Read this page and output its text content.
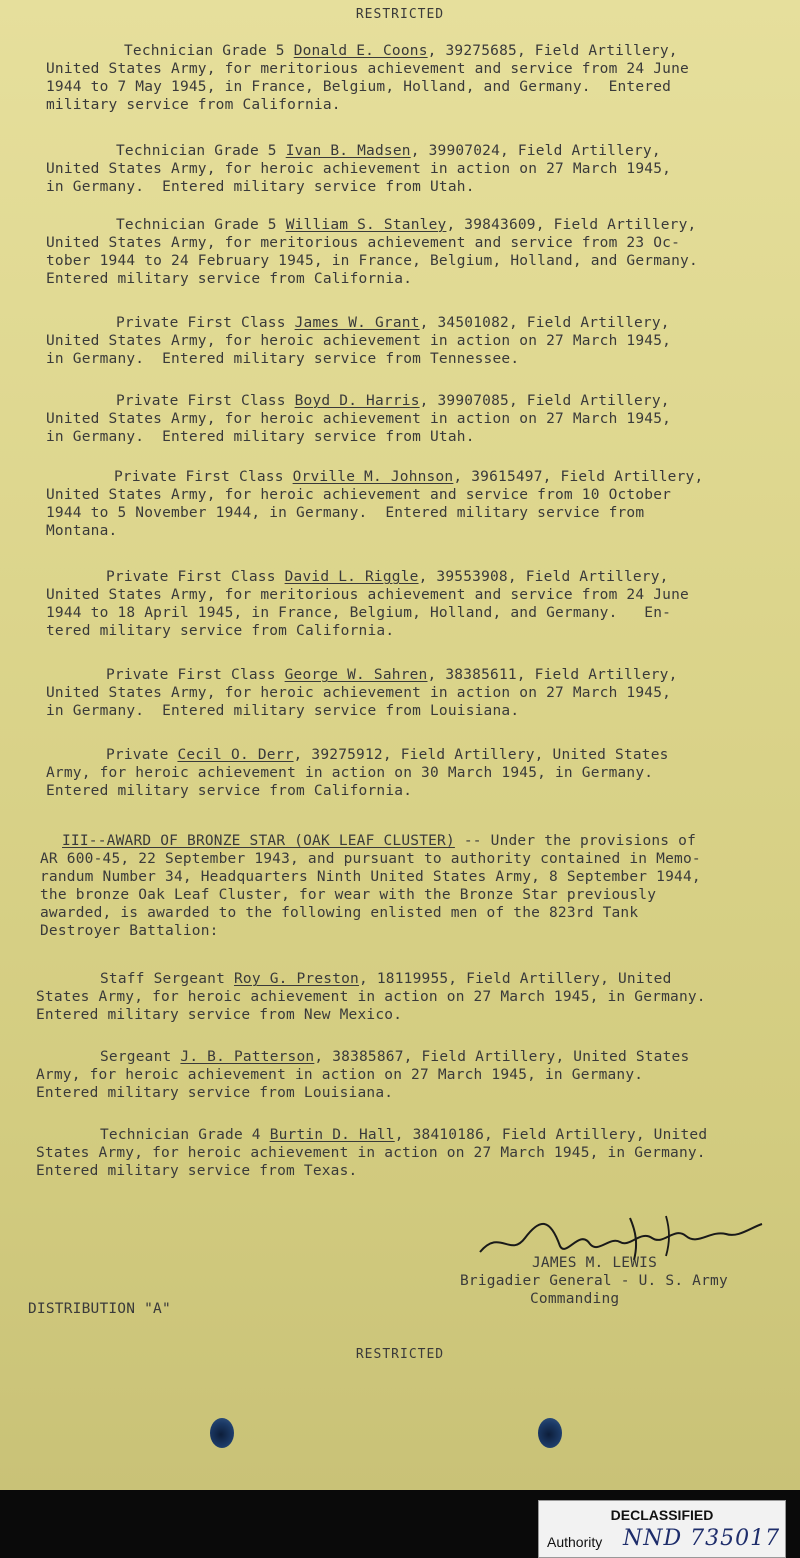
RESTRICTED
Technician Grade 5 Donald E. Coons, 39275685, Field Artillery,
United States Army, for meritorious achievement and service from 24 June
1944 to 7 May 1945, in France, Belgium, Holland, and Germany.  Entered
military service from California.
Technician Grade 5 Ivan B. Madsen, 39907024, Field Artillery,
United States Army, for heroic achievement in action on 27 March 1945,
in Germany.  Entered military service from Utah.
Technician Grade 5 William S. Stanley, 39843609, Field Artillery,
United States Army, for meritorious achievement and service from 23 Oc-
tober 1944 to 24 February 1945, in France, Belgium, Holland, and Germany.
Entered military service from California.
Private First Class James W. Grant, 34501082, Field Artillery,
United States Army, for heroic achievement in action on 27 March 1945,
in Germany.  Entered military service from Tennessee.
Private First Class Boyd D. Harris, 39907085, Field Artillery,
United States Army, for heroic achievement in action on 27 March 1945,
in Germany.  Entered military service from Utah.
Private First Class Orville M. Johnson, 39615497, Field Artillery,
United States Army, for heroic achievement and service from 10 October
1944 to 5 November 1944, in Germany.  Entered military service from
Montana.
Private First Class David L. Riggle, 39553908, Field Artillery,
United States Army, for meritorious achievement and service from 24 June
1944 to 18 April 1945, in France, Belgium, Holland, and Germany.   En-
tered military service from California.
Private First Class George W. Sahren, 38385611, Field Artillery,
United States Army, for heroic achievement in action on 27 March 1945,
in Germany.  Entered military service from Louisiana.
Private Cecil O. Derr, 39275912, Field Artillery, United States
Army, for heroic achievement in action on 30 March 1945, in Germany.
Entered military service from California.
III--AWARD OF BRONZE STAR (OAK LEAF CLUSTER) -- Under the provisions of
AR 600-45, 22 September 1943, and pursuant to authority contained in Memo-
randum Number 34, Headquarters Ninth United States Army, 8 September 1944,
the bronze Oak Leaf Cluster, for wear with the Bronze Star previously
awarded, is awarded to the following enlisted men of the 823rd Tank
Destroyer Battalion:
Staff Sergeant Roy G. Preston, 18119955, Field Artillery, United
States Army, for heroic achievement in action on 27 March 1945, in Germany.
Entered military service from New Mexico.
Sergeant J. B. Patterson, 38385867, Field Artillery, United States
Army, for heroic achievement in action on 27 March 1945, in Germany.
Entered military service from Louisiana.
Technician Grade 4 Burtin D. Hall, 38410186, Field Artillery, United
States Army, for heroic achievement in action on 27 March 1945, in Germany.
Entered military service from Texas.
JAMES M. LEWIS
Brigadier General - U. S. Army
Commanding
DISTRIBUTION "A"
RESTRICTED
DECLASSIFIED
Authority NND 735017
